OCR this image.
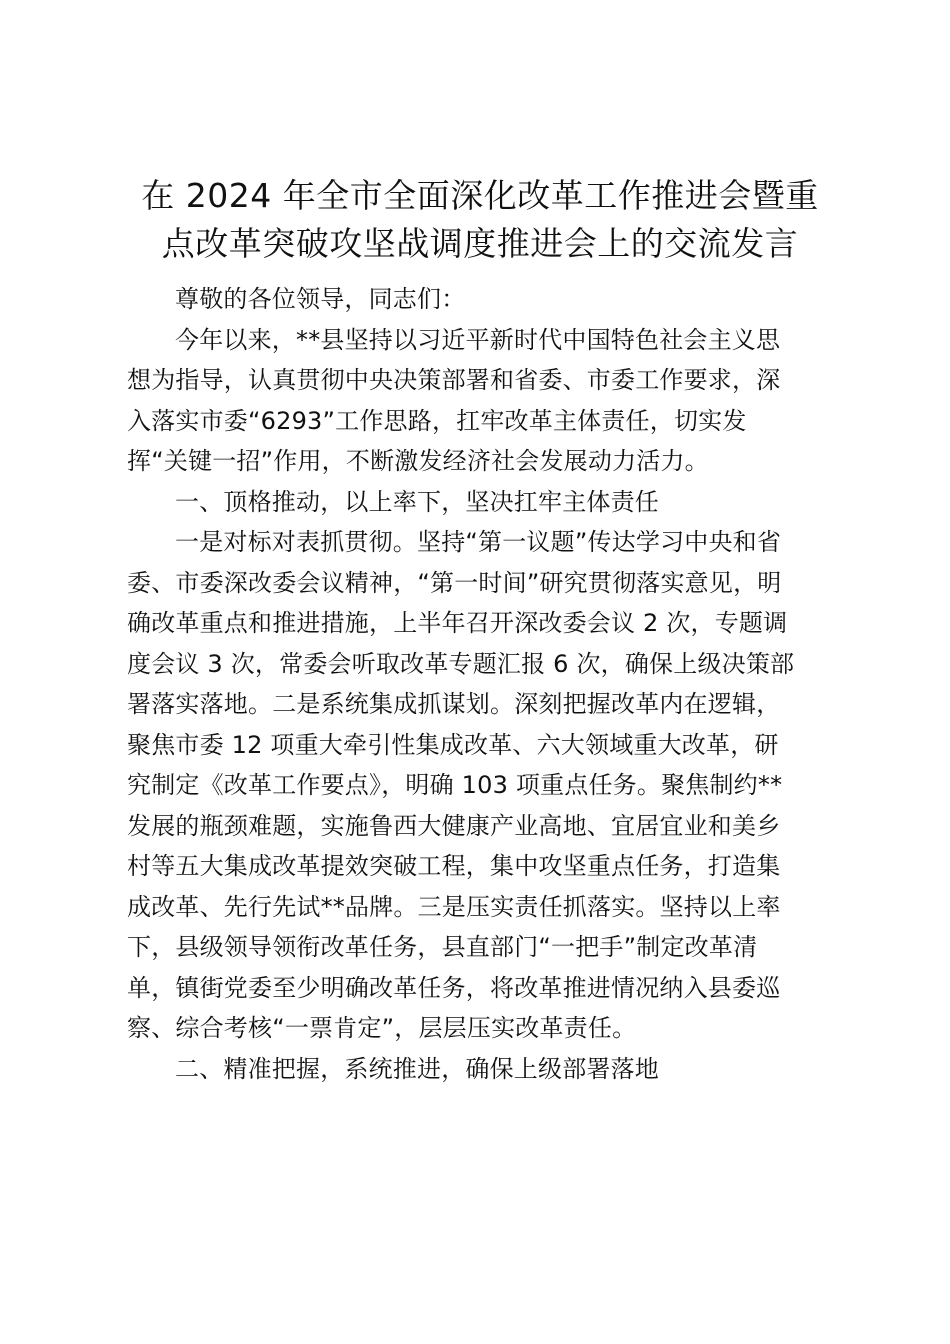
在 2024 年全市全面深化改革工作推进会暨重
点改革突破攻坚战调度推进会上的交流发言

尊敬的各位领导，同志们：

今年以来，**县坚持以习近平新时代中国特色社会主义思
想为指导，认真贯彻中央决策部署和省委、市委工作要求，深
入落实市委“6293”工作思路，扛牢改革主体责任，切实发
挥“关键一招”作用，不断激发经济社会发展动力活力。

一、顶格推动，以上率下，坚决扛牢主体责任

一是对标对表抓贯彻。坚持“第一议题”传达学习中央和省
委、市委深改委会议精神，“第一时间”研究贯彻落实意见，明
确改革重点和推进措施，上半年召开深改委会议 2 次，专题调
度会议 3 次，常委会听取改革专题汇报 6 次，确保上级决策部
署落实落地。二是系统集成抓谋划。深刻把握改革内在逻辑，
聚焦市委 12 项重大牵引性集成改革、六大领域重大改革，研
究制定《改革工作要点》，明确 103 项重点任务。聚焦制约**
发展的瓶颈难题，实施鲁西大健康产业高地、宜居宜业和美乡
村等五大集成改革提效突破工程，集中攻坚重点任务，打造集
成改革、先行先试**品牌。三是压实责任抓落实。坚持以上率
下，县级领导领衔改革任务，县直部门“一把手”制定改革清
单，镇街党委至少明确改革任务，将改革推进情况纳入县委巡
察、综合考核“一票肯定”，层层压实改革责任。

二、精准把握，系统推进，确保上级部署落地
